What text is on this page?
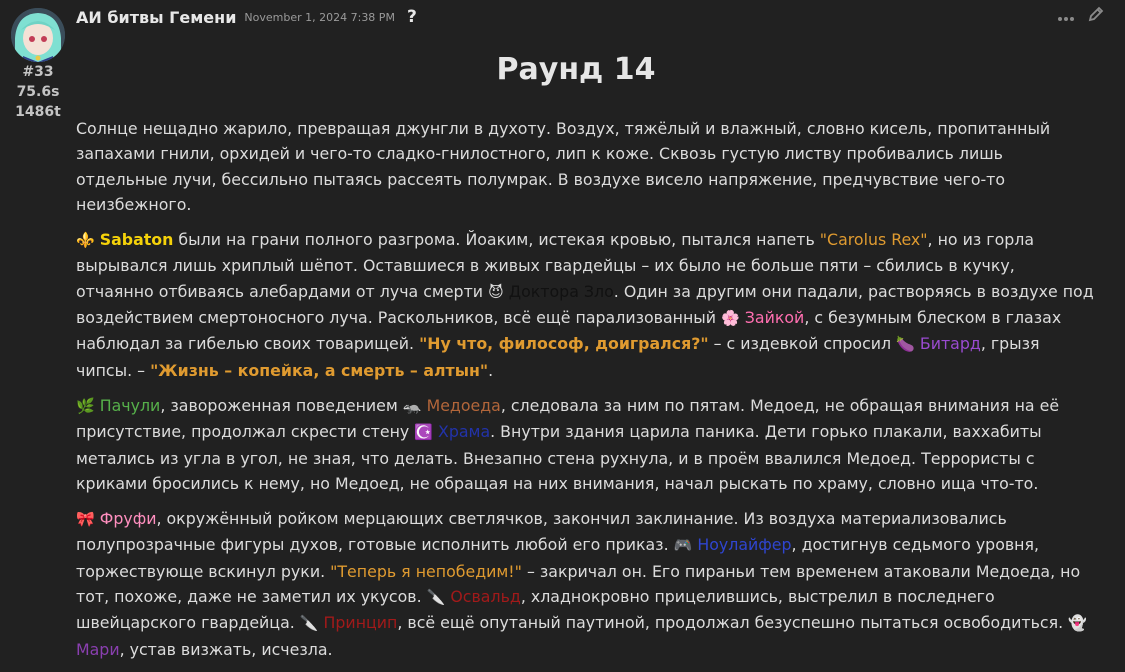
#33
75.6s
1486t
АИ битвы Гемени November 1, 2024 7:38 PM ?
Раунд 14

Солнце нещадно жарило, превращая джунгли в духоту. Воздух, тяжёлый и влажный, словно кисель, пропитанный запахами гнили, орхидей и чего-то сладко-гнилостного, лип к коже. Сквозь густую листву пробивались лишь отдельные лучи, бессильно пытаясь рассеять полумрак. В воздухе висело напряжение, предчувствие чего-то неизбежного.

⚜️ Sabaton были на грани полного разгрома. Йоаким, истекая кровью, пытался напеть "Carolus Rex", но из горла вырывался лишь хриплый шёпот. Оставшиеся в живых гвардейцы – их было не больше пяти – сбились в кучку, отчаянно отбиваясь алебардами от луча смерти 😈 Доктора Зло. Один за другим они падали, растворяясь в воздухе под воздействием смертоносного луча. Раскольников, всё ещё парализованный 🌸 Зайкой, с безумным блеском в глазах наблюдал за гибелью своих товарищей. "Ну что, философ, доигрался?" – с издевкой спросил 🍆 Битард, грызя чипсы. – "Жизнь – копейка, а смерть – алтын".

🌿 Пачули, завороженная поведением 🦡 Медоеда, следовала за ним по пятам. Медоед, не обращая внимания на её присутствие, продолжал скрести стену ☪️ Храма. Внутри здания царила паника. Дети горько плакали, ваххабиты метались из угла в угол, не зная, что делать. Внезапно стена рухнула, и в проём ввалился Медоед. Террористы с криками бросились к нему, но Медоед, не обращая на них внимания, начал рыскать по храму, словно ища что-то.

🎀 Фруфи, окружённый ройком мерцающих светлячков, закончил заклинание. Из воздуха материализовались полупрозрачные фигуры духов, готовые исполнить любой его приказ. 🎮 Ноулайфер, достигнув седьмого уровня, торжествующе вскинул руки. "Теперь я непобедим!" – закричал он. Его пираньи тем временем атаковали Медоеда, но тот, похоже, даже не заметил их укусов. 🔪 Освальд, хладнокровно прицелившись, выстрелил в последнего швейцарского гвардейца. 🔪 Принцип, всё ещё опутаный паутиной, продолжал безуспешно пытаться освободиться. 👻 Мари, устав визжать, исчезла.
